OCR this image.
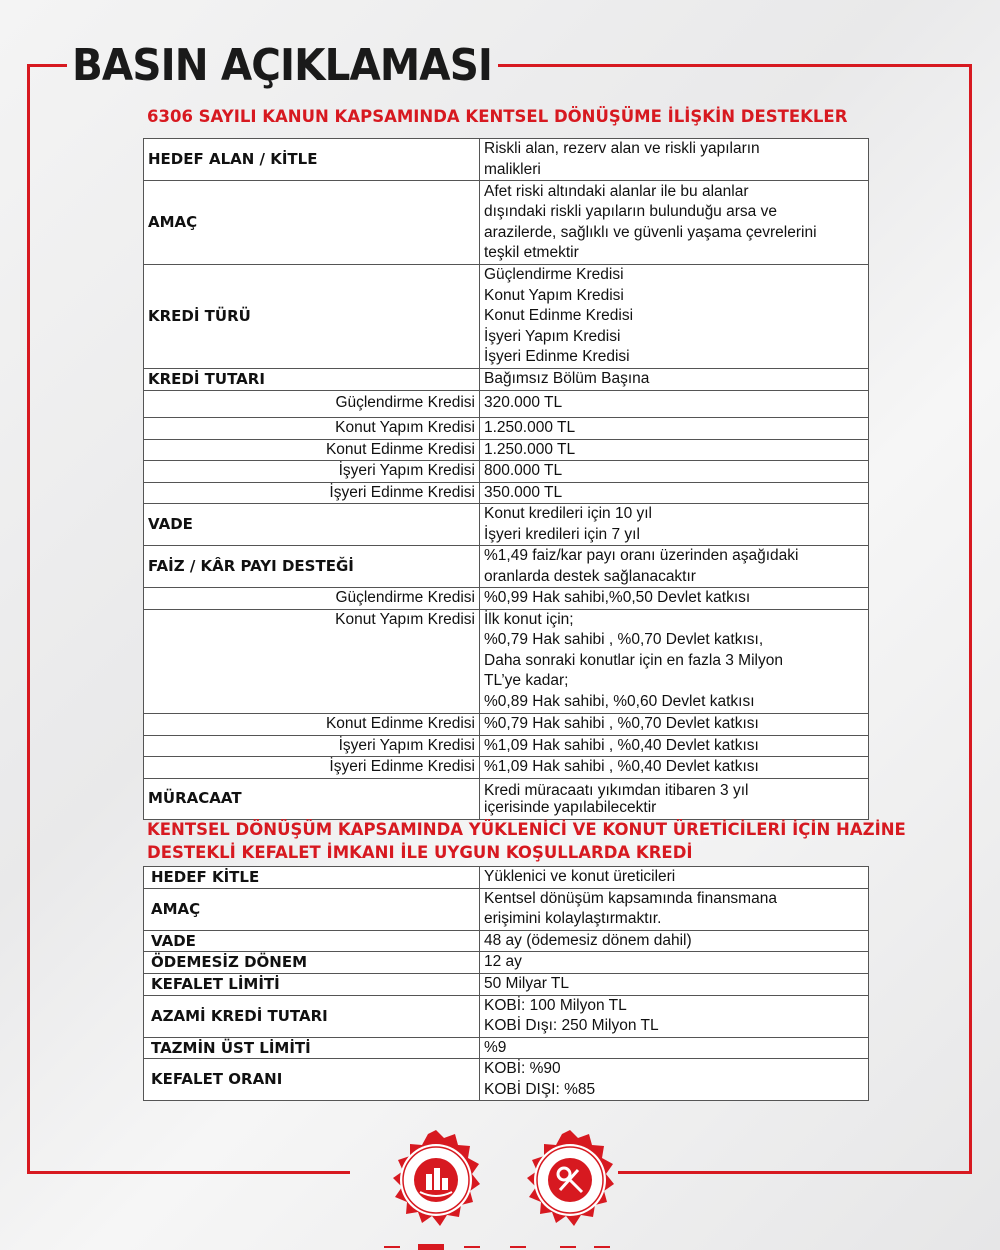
BASIN AÇIKLAMASI
6306 SAYILI KANUN KAPSAMINDA KENTSEL DÖNÜŞÜME İLİŞKİN DESTEKLER
HEDEF ALAN / KİTLE	Riskli alan, rezerv alan ve riskli yapıların
malikleri

AMAÇ	Afet riski altındaki alanlar ile bu alanlar
dışındaki riskli yapıların bulunduğu arsa ve
arazilerde, sağlıklı ve güvenli yaşama çevrelerini
teşkil etmektir

KREDİ TÜRÜ	Güçlendirme Kredisi
Konut Yapım Kredisi
Konut Edinme Kredisi
İşyeri Yapım Kredisi
İşyeri Edinme Kredisi

KREDİ TUTARI	Bağımsız Bölüm Başına
Güçlendirme Kredisi	320.000 TL
Konut Yapım Kredisi	1.250.000 TL
Konut Edinme Kredisi	1.250.000 TL
İşyeri Yapım Kredisi	800.000 TL
İşyeri Edinme Kredisi	350.000 TL
VADE	Konut kredileri için 10 yıl
İşyeri kredileri için 7 yıl

FAİZ / KÂR PAYI DESTEĞİ	%1,49 faiz/kar payı oranı üzerinden aşağıdaki
oranlarda destek sağlanacaktır

Güçlendirme Kredisi	%0,99 Hak sahibi,%0,50 Devlet katkısı
Konut Yapım Kredisi	İlk konut için;
%0,79 Hak sahibi , %0,70 Devlet katkısı,
Daha sonraki konutlar için en fazla 3 Milyon
TL’ye kadar;
%0,89 Hak sahibi, %0,60 Devlet katkısı

Konut Edinme Kredisi	%0,79 Hak sahibi , %0,70 Devlet katkısı
İşyeri Yapım Kredisi	%1,09 Hak sahibi , %0,40 Devlet katkısı
İşyeri Edinme Kredisi	%1,09 Hak sahibi , %0,40 Devlet katkısı
MÜRACAAT	Kredi müracaatı yıkımdan itibaren 3 yıl
içerisinde yapılabilecektir
KENTSEL DÖNÜŞÜM KAPSAMINDA YÜKLENİCİ VE KONUT ÜRETİCİLERİ İÇİN HAZİNE DESTEKLİ KEFALET İMKANI İLE UYGUN KOŞULLARDA KREDİ
HEDEF KİTLE	Yüklenici ve konut üreticileri
AMAÇ	Kentsel dönüşüm kapsamında finansmana
erişimini kolaylaştırmaktır.

VADE	48 ay (ödemesiz dönem dahil)
ÖDEMESİZ DÖNEM	12 ay
KEFALET LİMİTİ	50 Milyar TL
AZAMİ KREDİ TUTARI	KOBİ: 100 Milyon TL
KOBİ Dışı: 250 Milyon TL

TAZMİN ÜST LİMİTİ	%9
KEFALET ORANI	KOBİ: %90
KOBİ DIŞI: %85
